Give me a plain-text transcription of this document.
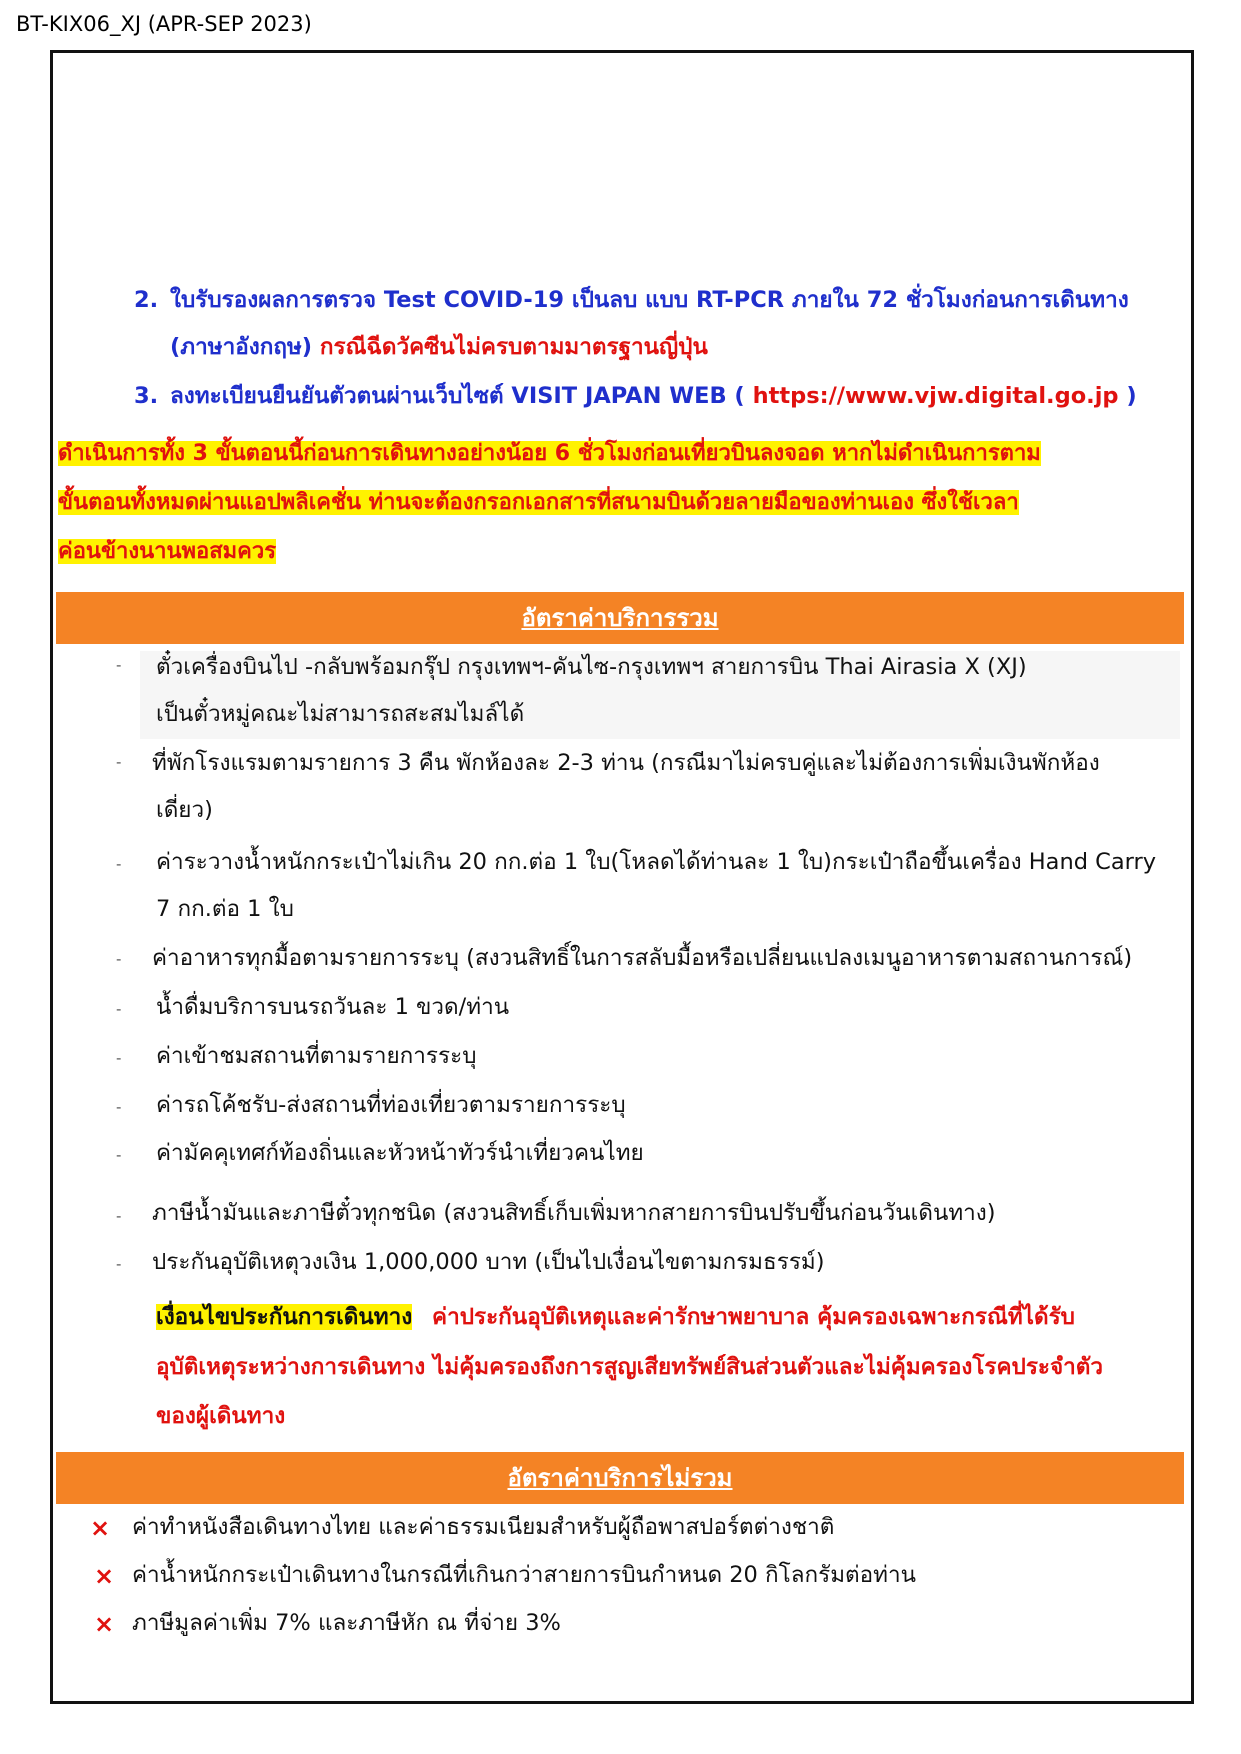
BT-KIX06_XJ (APR-SEP 2023)
2. ใบรับรองผลการตรวจ Test COVID-19 เป็นลบ แบบ RT-PCR ภายใน 72 ชั่วโมงก่อนการเดินทาง
(ภาษาอังกฤษ) กรณีฉีดวัคซีนไม่ครบตามมาตรฐานญี่ปุ่น
3. ลงทะเบียนยืนยันตัวตนผ่านเว็บไซต์ VISIT JAPAN WEB ( https://www.vjw.digital.go.jp )
ดำเนินการทั้ง 3 ขั้นตอนนี้ก่อนการเดินทางอย่างน้อย 6 ชั่วโมงก่อนเที่ยวบินลงจอด หากไม่ดำเนินการตาม
ขั้นตอนทั้งหมดผ่านแอปพลิเคชั่น ท่านจะต้องกรอกเอกสารที่สนามบินด้วยลายมือของท่านเอง ซึ่งใช้เวลา
ค่อนข้างนานพอสมควร
อัตราค่าบริการรวม
- ตั๋วเครื่องบินไป -กลับพร้อมกรุ๊ป กรุงเทพฯ-คันไซ-กรุงเทพฯ สายการบิน Thai Airasia X (XJ)
เป็นตั๋วหมู่คณะไม่สามารถสะสมไมล์ได้
- ที่พักโรงแรมตามรายการ 3 คืน พักห้องละ 2-3 ท่าน (กรณีมาไม่ครบคู่และไม่ต้องการเพิ่มเงินพักห้อง
เดี่ยว)
- ค่าระวางน้ำหนักกระเป๋าไม่เกิน 20 กก.ต่อ 1 ใบ(โหลดได้ท่านละ 1 ใบ)กระเป๋าถือขึ้นเครื่อง Hand Carry
7 กก.ต่อ 1 ใบ
- ค่าอาหารทุกมื้อตามรายการระบุ (สงวนสิทธิ์ในการสลับมื้อหรือเปลี่ยนแปลงเมนูอาหารตามสถานการณ์)
- น้ำดื่มบริการบนรถวันละ 1 ขวด/ท่าน
- ค่าเข้าชมสถานที่ตามรายการระบุ
- ค่ารถโค้ชรับ-ส่งสถานที่ท่องเที่ยวตามรายการระบุ
- ค่ามัคคุเทศก์ท้องถิ่นและหัวหน้าทัวร์นำเที่ยวคนไทย
- ภาษีน้ำมันและภาษีตั๋วทุกชนิด (สงวนสิทธิ์เก็บเพิ่มหากสายการบินปรับขึ้นก่อนวันเดินทาง)
- ประกันอุบัติเหตุวงเงิน 1,000,000 บาท (เป็นไปเงื่อนไขตามกรมธรรม์)
เงื่อนไขประกันการเดินทาง ค่าประกันอุบัติเหตุและค่ารักษาพยาบาล คุ้มครองเฉพาะกรณีที่ได้รับ
อุบัติเหตุระหว่างการเดินทาง ไม่คุ้มครองถึงการสูญเสียทรัพย์สินส่วนตัวและไม่คุ้มครองโรคประจำตัว
ของผู้เดินทาง
อัตราค่าบริการไม่รวม
× ค่าทำหนังสือเดินทางไทย และค่าธรรมเนียมสำหรับผู้ถือพาสปอร์ตต่างชาติ
× ค่าน้ำหนักกระเป๋าเดินทางในกรณีที่เกินกว่าสายการบินกำหนด 20 กิโลกรัมต่อท่าน
× ภาษีมูลค่าเพิ่ม 7% และภาษีหัก ณ ที่จ่าย 3%
